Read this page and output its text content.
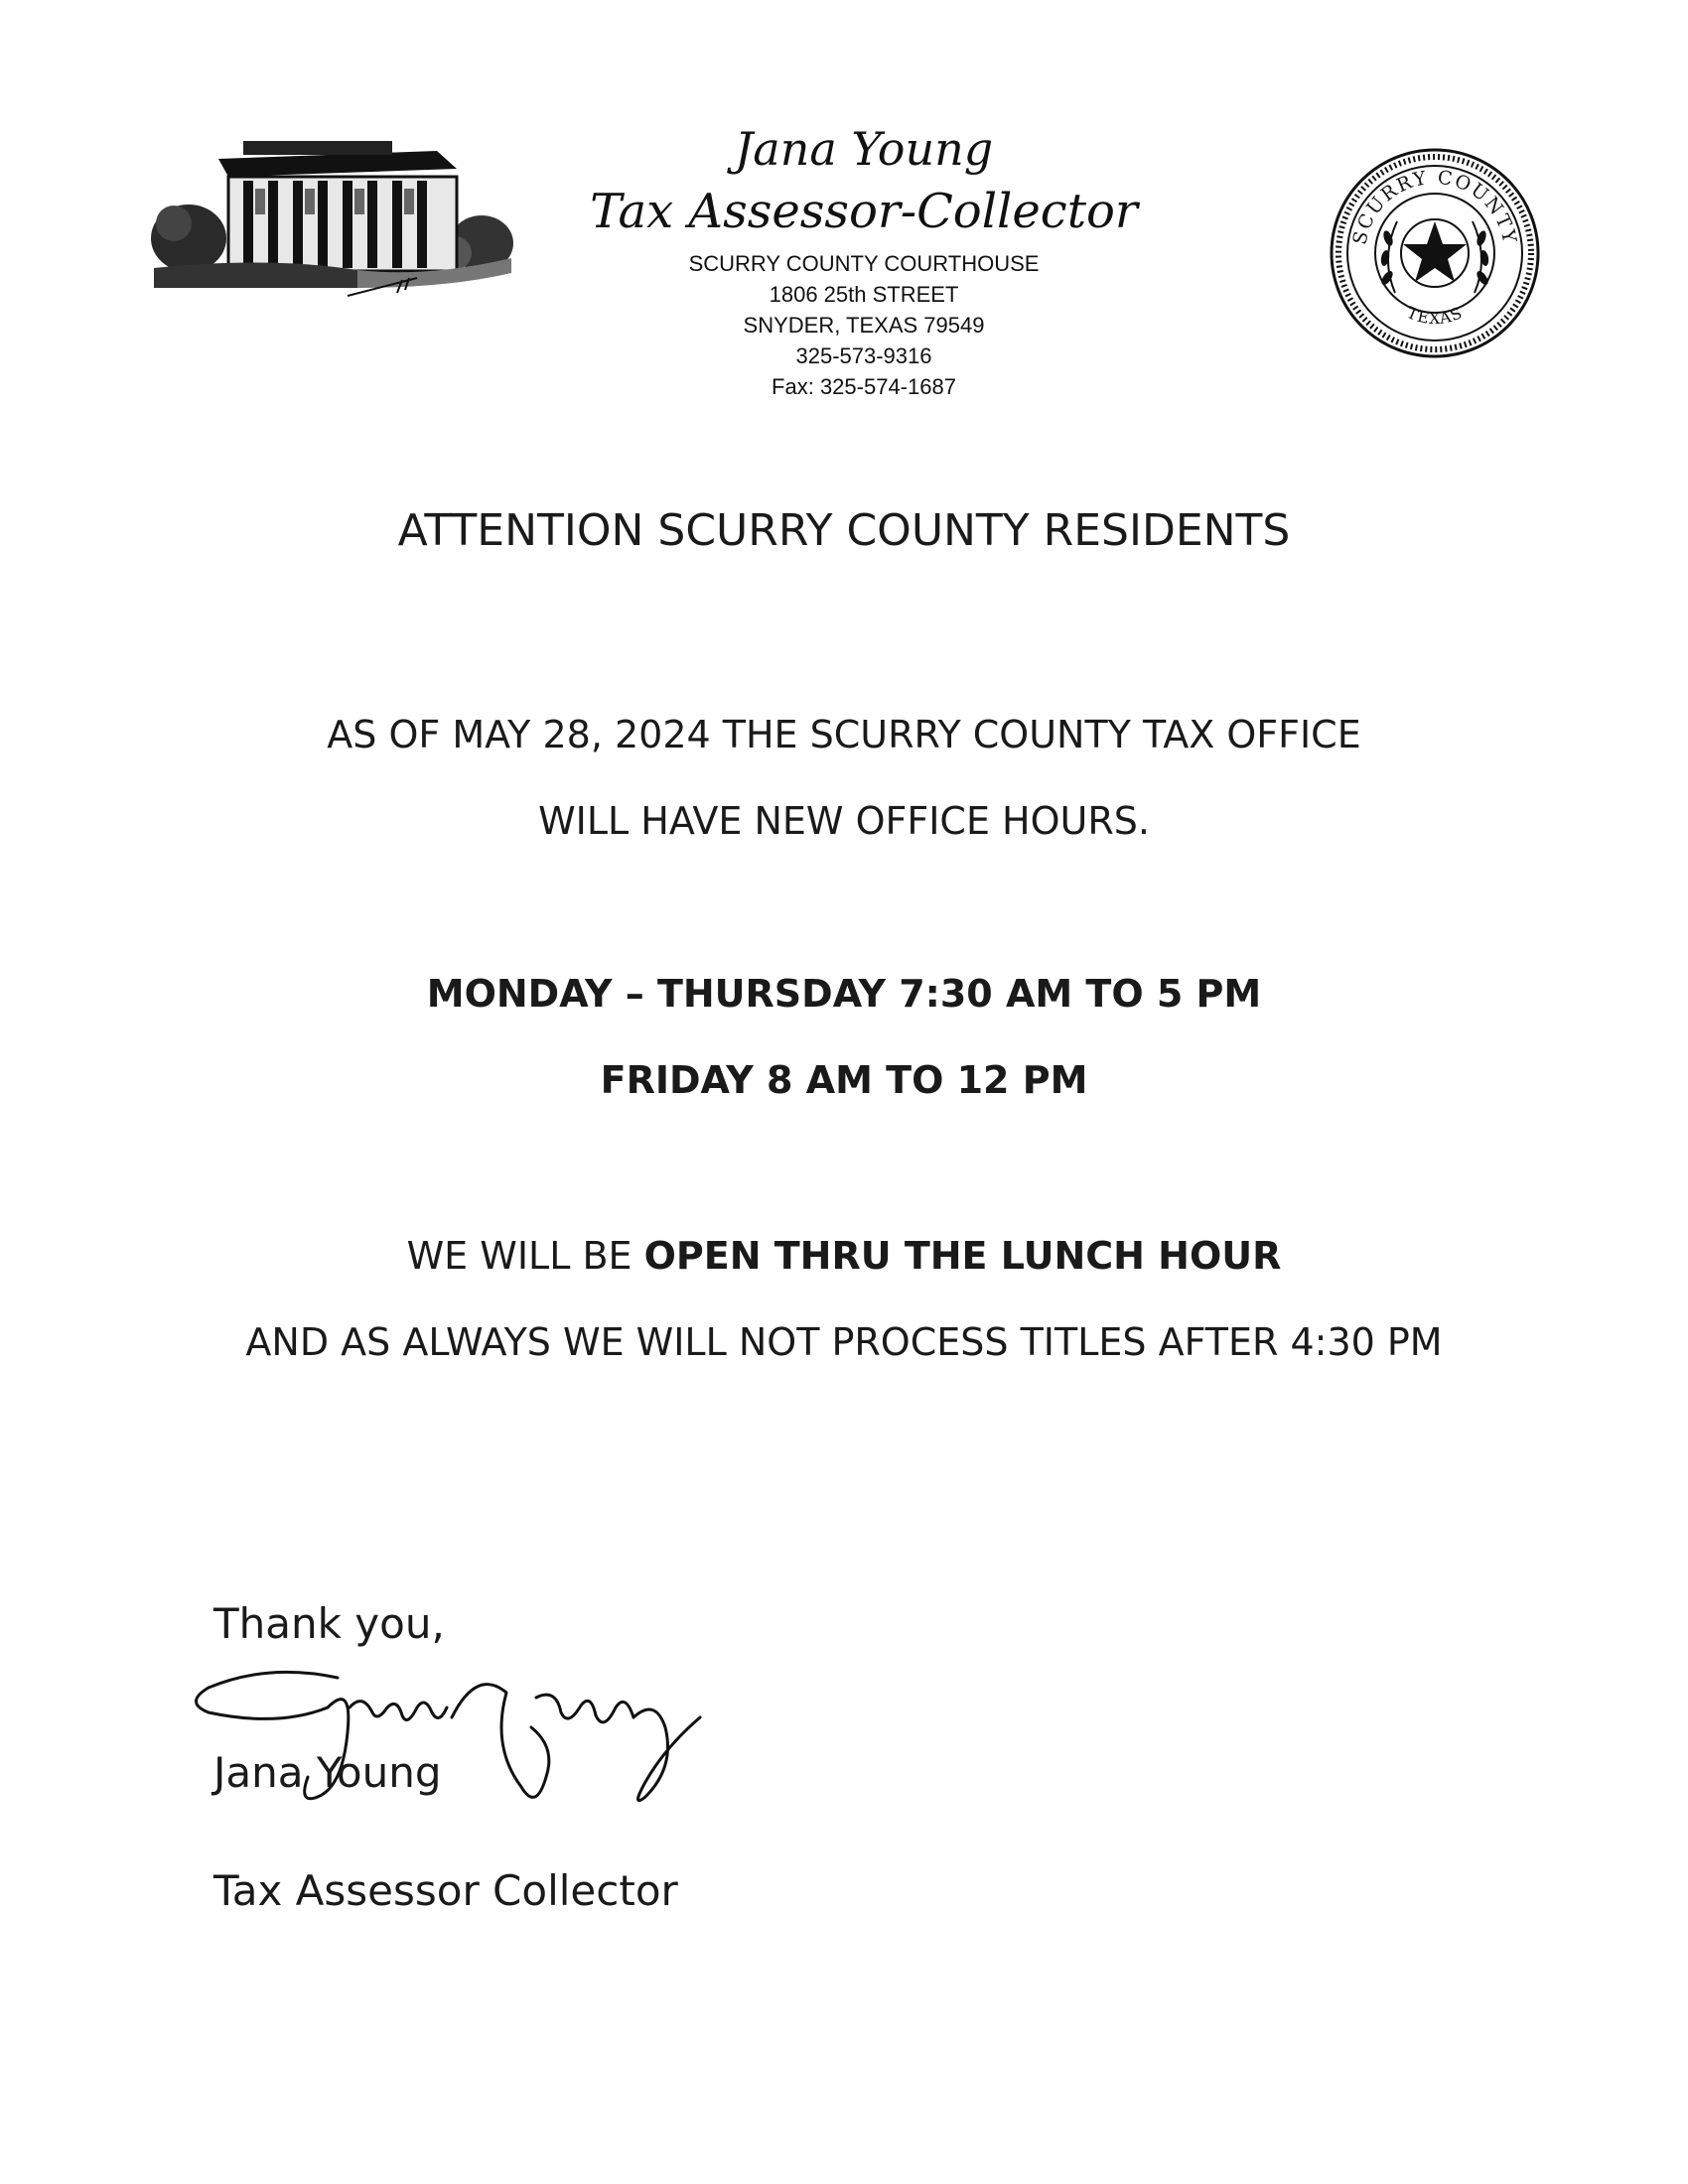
Jana Young

Tax Assessor-Collector

SCURRY COUNTY COURTHOUSE

1806 25th STREET

SNYDER, TEXAS 79549

325-573-9316

Fax: 325-574-1687

SCURRY COUNTY
TEXAS

ATTENTION SCURRY COUNTY RESIDENTS

AS OF MAY 28, 2024 THE SCURRY COUNTY TAX OFFICE

WILL HAVE NEW OFFICE HOURS.

MONDAY – THURSDAY 7:30 AM TO 5 PM

FRIDAY 8 AM TO 12 PM

WE WILL BE OPEN THRU THE LUNCH HOUR

AND AS ALWAYS WE WILL NOT PROCESS TITLES AFTER 4:30 PM

Thank you,

Jana Young

Tax Assessor Collector
